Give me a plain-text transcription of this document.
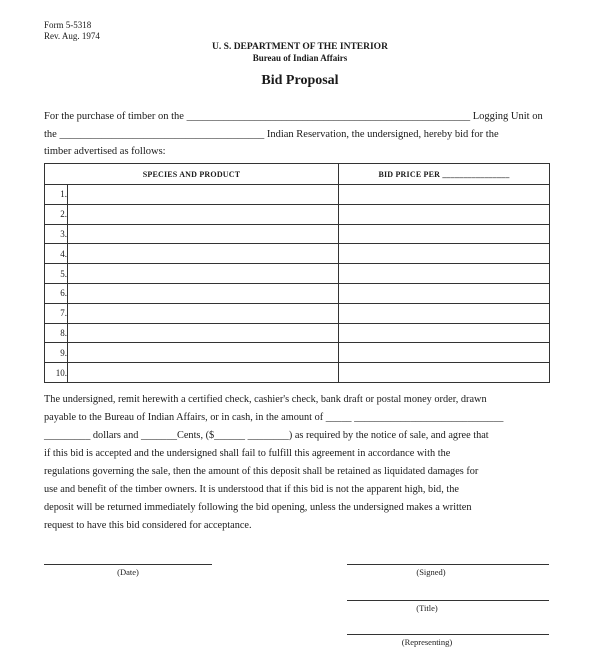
Form 5-5318
Rev. Aug. 1974
U. S. DEPARTMENT OF THE INTERIOR
Bureau of Indian Affairs
Bid Proposal
For the purchase of timber on the ______________________________________________________ Logging Unit on
the _______________________________________ Indian Reservation, the undersigned, hereby bid for the
timber advertised as follows:
SPECIES AND PRODUCT		BID PRICE PER ________________
1.		
2.		
3.		
4.		
5.		
6.		
7.		
8.		
9.		
10.		
The undersigned, remit herewith a certified check, cashier's check, bank draft or postal money order, drawn
payable to the Bureau of Indian Affairs, or in cash, in the amount of _____ _____________________________
_________ dollars and _______Cents, ($______ ________) as required by the notice of sale, and agree that
if this bid is accepted and the undersigned shall fail to fulfill this agreement in accordance with the
regulations governing the sale, then the amount of this deposit shall be retained as liquidated damages for
use and benefit of the timber owners. It is understood that if this bid is not the apparent high, bid, the
deposit will be returned immediately following the bid opening, unless the undersigned makes a written
request to have this bid considered for acceptance.
(Date)	(Signed)
(Title)
(Representing)
